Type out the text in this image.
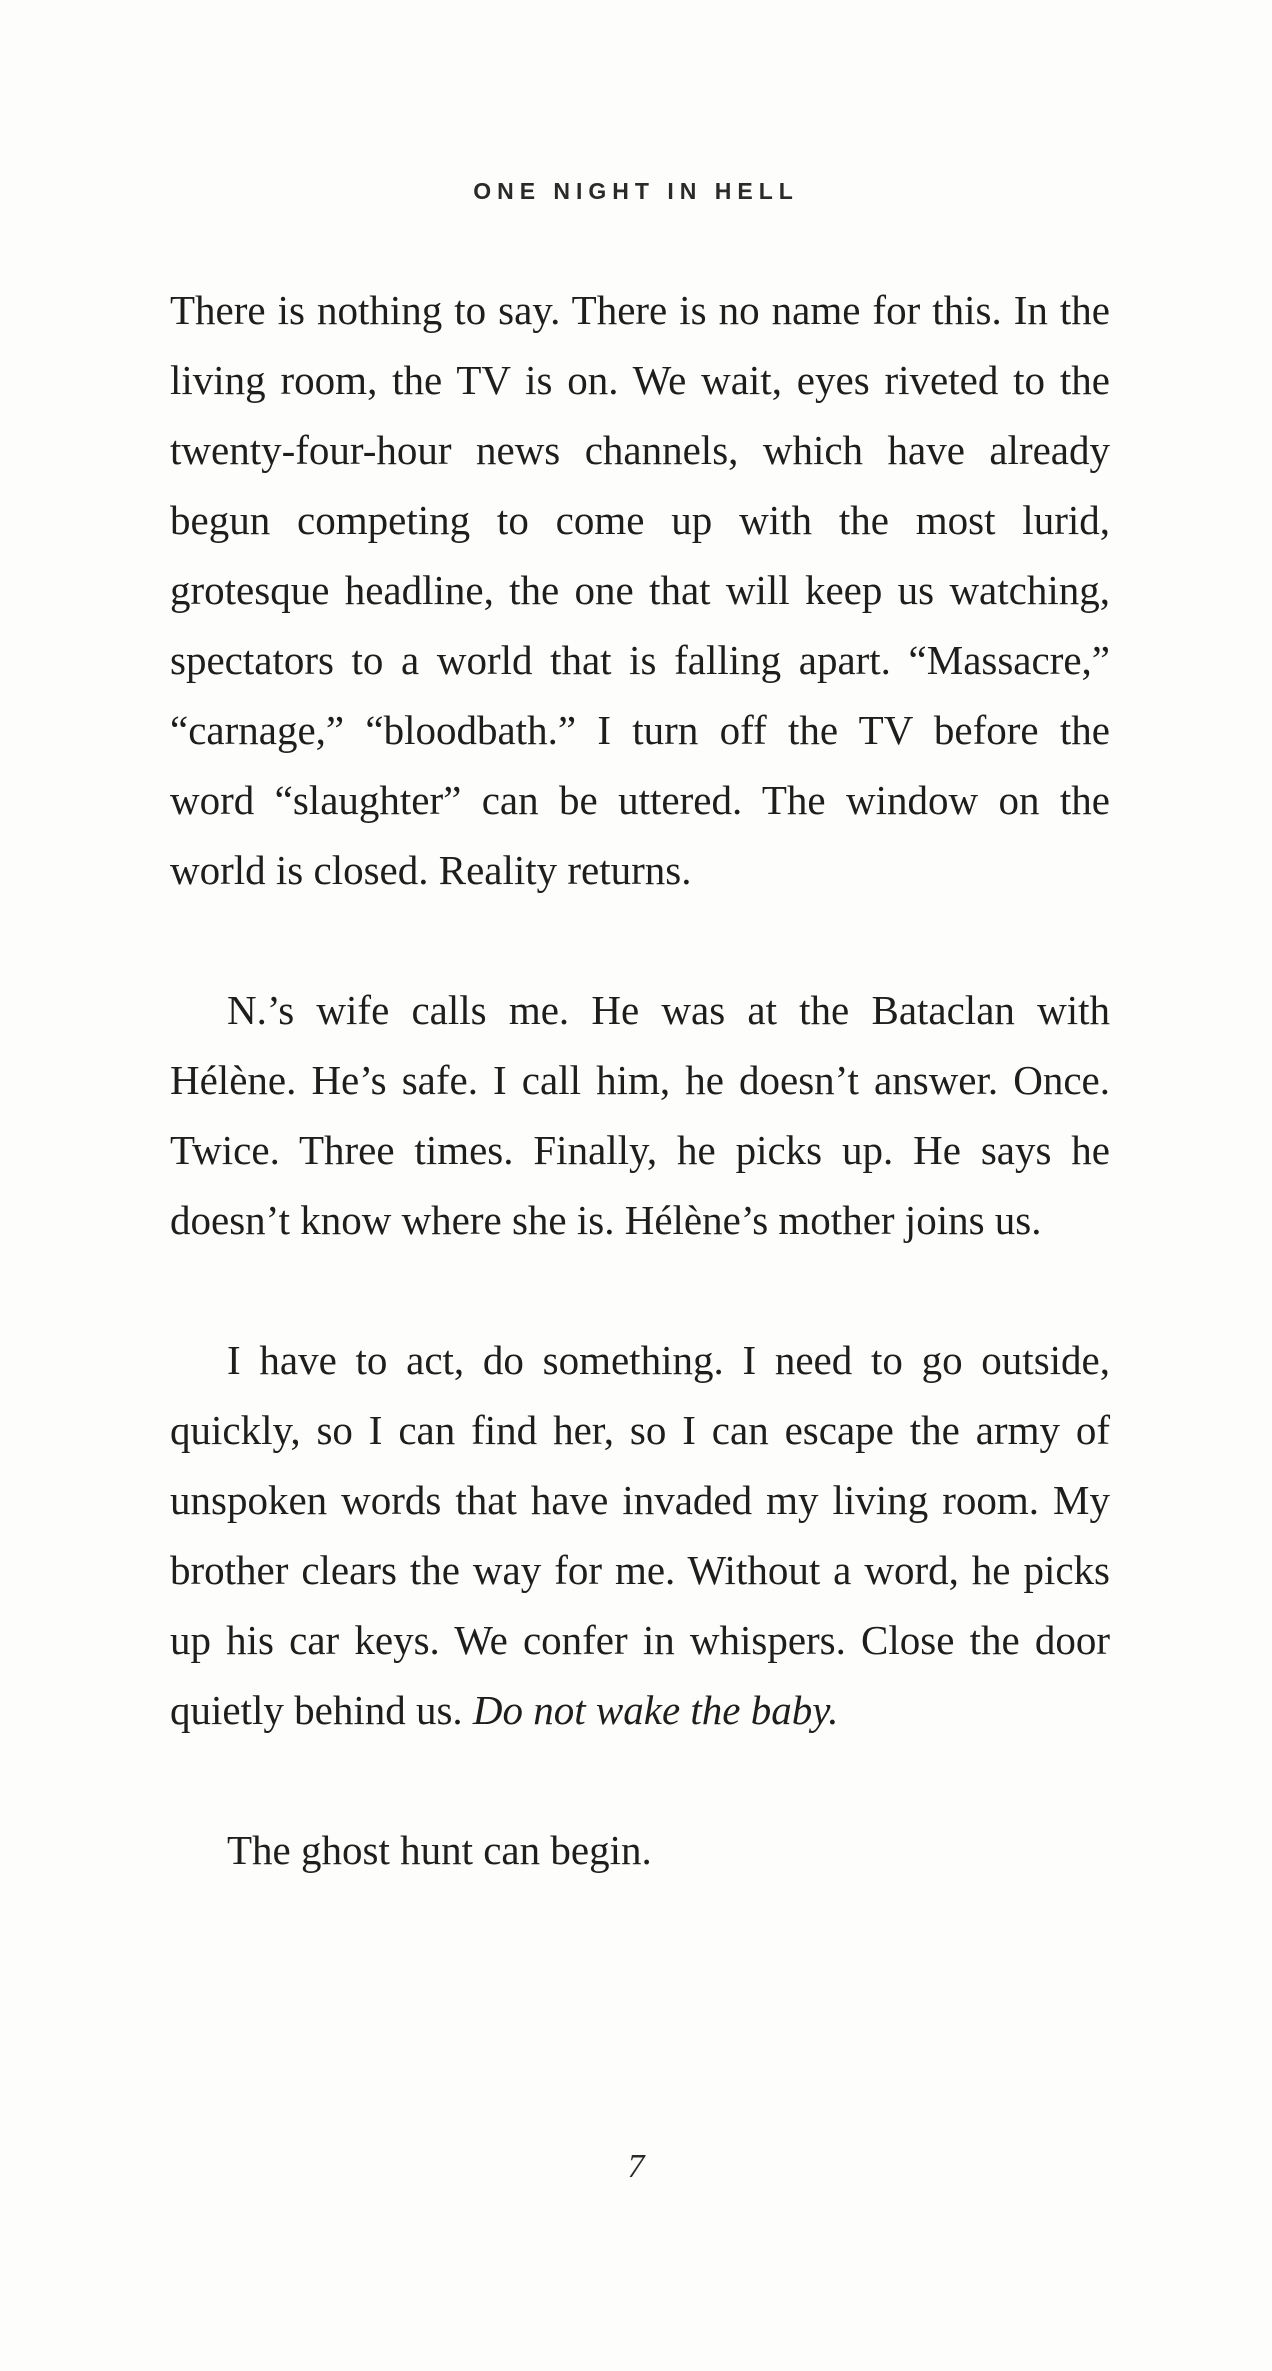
ONE NIGHT IN HELL

There is nothing to say. There is no name for this. In the living room, the TV is on. We wait, eyes riveted to the twenty-four-hour news channels, which have already begun competing to come up with the most lurid, grotesque headline, the one that will keep us watching, spectators to a world that is falling apart. “Massacre,” “carnage,” “bloodbath.” I turn off the TV before the word “slaughter” can be uttered. The window on the world is closed. Reality returns.

N.’s wife calls me. He was at the Bataclan with Hélène. He’s safe. I call him, he doesn’t answer. Once. Twice. Three times. Finally, he picks up. He says he doesn’t know where she is. Hélène’s mother joins us.

I have to act, do something. I need to go outside, quickly, so I can find her, so I can escape the army of unspoken words that have invaded my living room. My brother clears the way for me. Without a word, he picks up his car keys. We confer in whispers. Close the door quietly behind us. Do not wake the baby.

The ghost hunt can begin.

7
